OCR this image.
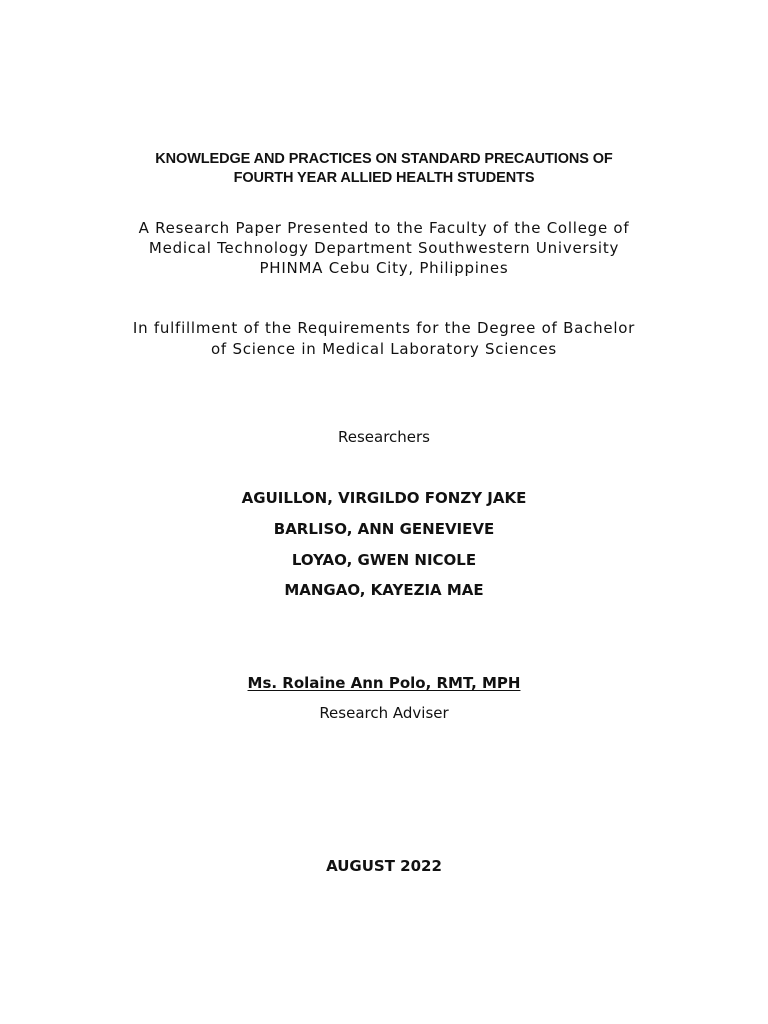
KNOWLEDGE AND PRACTICES ON STANDARD PRECAUTIONS OF

FOURTH YEAR ALLIED HEALTH STUDENTS

A Research Paper Presented to the Faculty of the College of

Medical Technology Department Southwestern University

PHINMA Cebu City, Philippines

In fulfillment of the Requirements for the Degree of Bachelor

of Science in Medical Laboratory Sciences

Researchers

AGUILLON, VIRGILDO FONZY JAKE

BARLISO, ANN GENEVIEVE

LOYAO, GWEN NICOLE

MANGAO, KAYEZIA MAE

Ms. Rolaine Ann Polo, RMT, MPH

Research Adviser

AUGUST 2022
